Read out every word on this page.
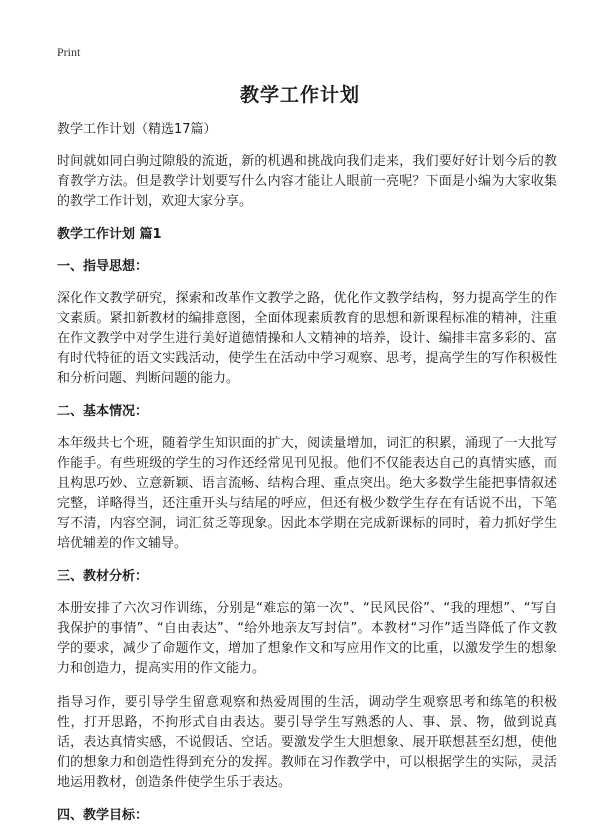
Print
教学工作计划

教学工作计划（精选17篇）

时间就如同白驹过隙般的流逝，新的机遇和挑战向我们走来，我们要好好计划今后的教育教学方法。但是教学计划要写什么内容才能让人眼前一亮呢？下面是小编为大家收集的教学工作计划，欢迎大家分享。

教学工作计划 篇1

一、指导思想：

深化作文教学研究，探索和改革作文教学之路，优化作文教学结构，努力提高学生的作文素质。紧扣新教材的编排意图，全面体现素质教育的思想和新课程标准的精神，注重在作文教学中对学生进行美好道德情操和人文精神的培养，设计、编排丰富多彩的、富有时代特征的语文实践活动，使学生在活动中学习观察、思考，提高学生的写作积极性和分析问题、判断问题的能力。

二、基本情况：

本年级共七个班，随着学生知识面的扩大，阅读量增加，词汇的积累，涌现了一大批写作能手。有些班级的学生的习作还经常见刊见报。他们不仅能表达自己的真情实感，而且构思巧妙、立意新颖、语言流畅、结构合理、重点突出。绝大多数学生能把事情叙述完整，详略得当，还注重开头与结尾的呼应，但还有极少数学生存在有话说不出，下笔写不清，内容空洞，词汇贫乏等现象。因此本学期在完成新课标的同时，着力抓好学生培优辅差的作文辅导。

三、教材分析：

本册安排了六次习作训练，分别是“难忘的第一次”、“民风民俗”、“我的理想”、“写自我保护的事情”、“自由表达”、“给外地亲友写封信”。本教材“习作”适当降低了作文教学的要求，减少了命题作文，增加了想象作文和写应用作文的比重，以激发学生的想象力和创造力，提高实用的作文能力。

指导习作，要引导学生留意观察和热爱周围的生活，调动学生观察思考和练笔的积极性，打开思路，不拘形式自由表达。要引导学生写熟悉的人、事、景、物，做到说真话，表达真情实感，不说假话、空话。要激发学生大胆想象、展开联想甚至幻想，使他们的想象力和创造性得到充分的发挥。教师在习作教学中，可以根据学生的实际，灵活地运用教材，创造条件使学生乐于表达。

四、教学目标：
